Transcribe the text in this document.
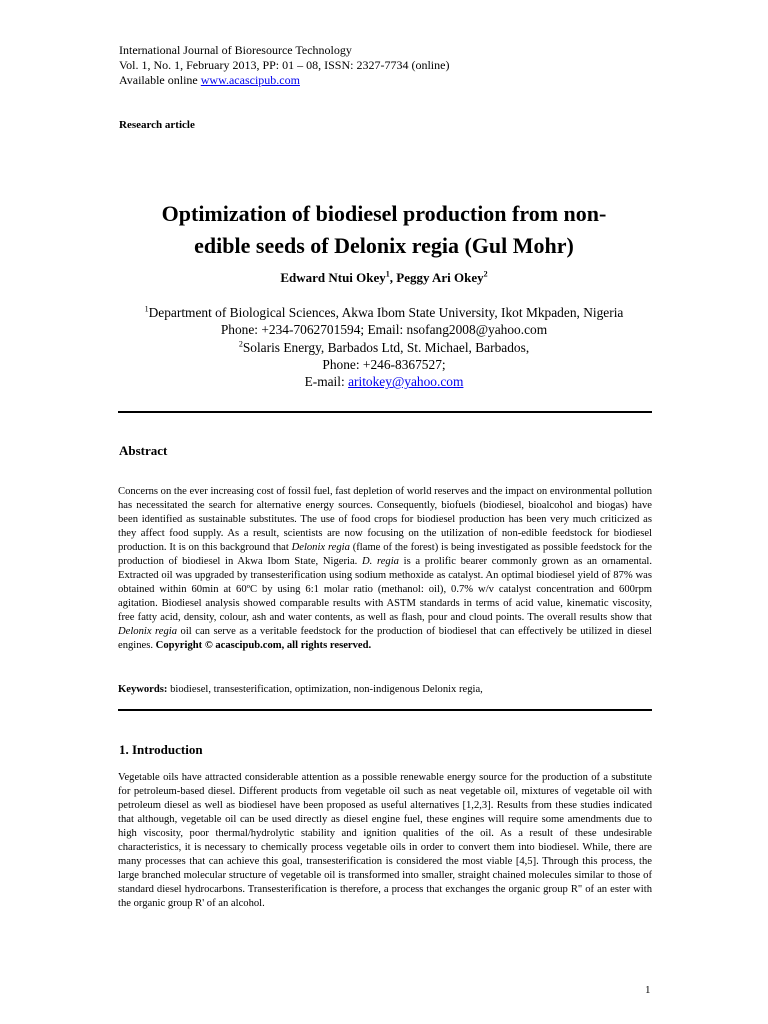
International Journal of Bioresource Technology
Vol. 1, No. 1, February 2013, PP: 01 – 08, ISSN: 2327-7734 (online)
Available online www.acascipub.com
Research article
Optimization of biodiesel production from non-
edible seeds of Delonix regia (Gul Mohr)
Edward Ntui Okey$^1$, Peggy Ari Okey$^2$
$^1$Department of Biological Sciences, Akwa Ibom State University, Ikot Mkpaden, Nigeria
Phone: +234-7062701594; Email: nsofang2008@yahoo.com
$^2$Solaris Energy, Barbados Ltd, St. Michael, Barbados,
Phone: +246-8367527;
E-mail: aritokey@yahoo.com
Abstract
Concerns on the ever increasing cost of fossil fuel, fast depletion of world reserves and the impact on environmental pollution has necessitated the search for alternative energy sources. Consequently, biofuels (biodiesel, bioalcohol and biogas) have been identified as sustainable substitutes. The use of food crops for biodiesel production has been very much criticized as they affect food supply. As a result, scientists are now focusing on the utilization of non-edible feedstock for biodiesel production. It is on this background that Delonix regia (flame of the forest) is being investigated as possible feedstock for the production of biodiesel in Akwa Ibom State, Nigeria. D. regia is a prolific bearer commonly grown as an ornamental. Extracted oil was upgraded by transesterification using sodium methoxide as catalyst. An optimal biodiesel yield of 87% was obtained within 60min at 60ºC by using 6:1 molar ratio (methanol: oil), 0.7% w/v catalyst concentration and 600rpm agitation. Biodiesel analysis showed comparable results with ASTM standards in terms of acid value, kinematic viscosity, free fatty acid, density, colour, ash and water contents, as well as flash, pour and cloud points. The overall results show that Delonix regia oil can serve as a veritable feedstock for the production of biodiesel that can effectively be utilized in diesel engines. Copyright © acascipub.com, all rights reserved.
Keywords: biodiesel, transesterification, optimization, non-indigenous Delonix regia,
1. Introduction
Vegetable oils have attracted considerable attention as a possible renewable energy source for the production of a substitute for petroleum-based diesel. Different products from vegetable oil such as neat vegetable oil, mixtures of vegetable oil with petroleum diesel as well as biodiesel have been proposed as useful alternatives [1,2,3]. Results from these studies indicated that although, vegetable oil can be used directly as diesel engine fuel, these engines will require some amendments due to high viscosity, poor thermal/hydrolytic stability and ignition qualities of the oil. As a result of these undesirable characteristics, it is necessary to chemically process vegetable oils in order to convert them into biodiesel. While, there are many processes that can achieve this goal, transesterification is considered the most viable [4,5]. Through this process, the large branched molecular structure of vegetable oil is transformed into smaller, straight chained molecules similar to those of standard diesel hydrocarbons. Transesterification is therefore, a process that exchanges the organic group R" of an ester with the organic group R' of an alcohol.
1
